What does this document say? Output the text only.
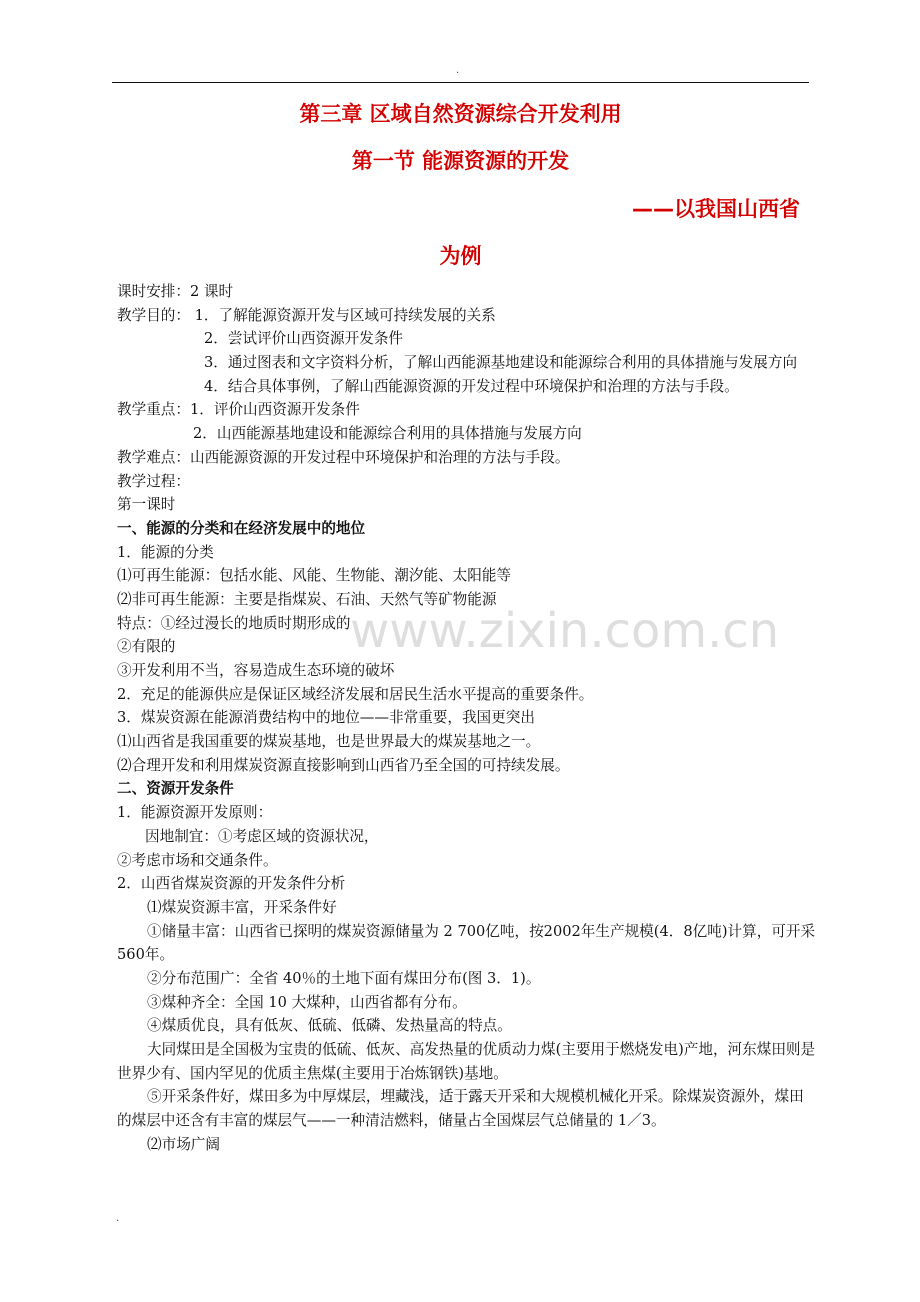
.
第三章 区域自然资源综合开发利用
第一节 能源资源的开发
——以我国山西省
为例
课时安排：2 课时
教学目的： 1．了解能源资源开发与区域可持续发展的关系
2．尝试评价山西资源开发条件
3．通过图表和文字资料分析，了解山西能源基地建设和能源综合利用的具体措施与发展方向
4．结合具体事例，了解山西能源资源的开发过程中环境保护和治理的方法与手段。
教学重点：1．评价山西资源开发条件
2．山西能源基地建设和能源综合利用的具体措施与发展方向
教学难点：山西能源资源的开发过程中环境保护和治理的方法与手段。
教学过程：
第一课时
一、能源的分类和在经济发展中的地位
1．能源的分类
⑴可再生能源：包括水能、风能、生物能、潮汐能、太阳能等
⑵非可再生能源：主要是指煤炭、石油、天然气等矿物能源
特点：①经过漫长的地质时期形成的
②有限的
③开发利用不当，容易造成生态环境的破坏
2．充足的能源供应是保证区域经济发展和居民生活水平提高的重要条件。
3．煤炭资源在能源消费结构中的地位——非常重要，我国更突出
⑴山西省是我国重要的煤炭基地，也是世界最大的煤炭基地之一。
⑵合理开发和利用煤炭资源直接影响到山西省乃至全国的可持续发展。
二、资源开发条件
1．能源资源开发原则：
因地制宜：①考虑区域的资源状况，
②考虑市场和交通条件。
2．山西省煤炭资源的开发条件分析
⑴煤炭资源丰富，开采条件好
①储量丰富：山西省已探明的煤炭资源储量为 2 700亿吨，按2002年生产规模(4．8亿吨)计算，可开采560年。
②分布范围广：全省 40％的土地下面有煤田分布(图 3．1)。
③煤种齐全：全国 10 大煤种，山西省都有分布。
④煤质优良，具有低灰、低硫、低磷、发热量高的特点。
大同煤田是全国极为宝贵的低硫、低灰、高发热量的优质动力煤(主要用于燃烧发电)产地，河东煤田则是世界少有、国内罕见的优质主焦煤(主要用于冶炼钢铁)基地。
⑤开采条件好，煤田多为中厚煤层，埋藏浅，适于露天开采和大规模机械化开采。除煤炭资源外，煤田的煤层中还含有丰富的煤层气——一种清洁燃料，储量占全国煤层气总储量的 1／3。
⑵市场广阔
www.zixin.com.cn
.
